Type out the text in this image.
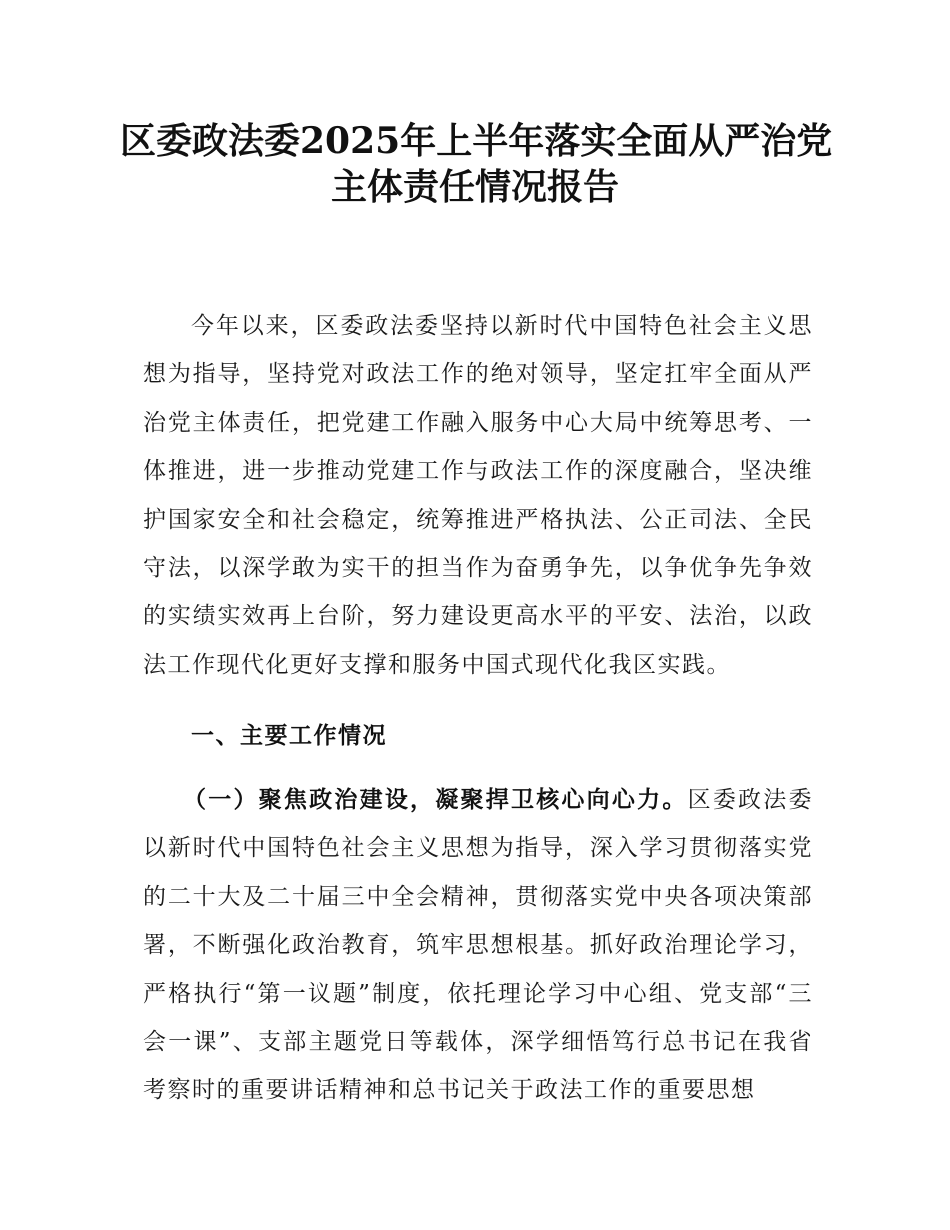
区委政法委2025年上半年落实全面从严治党
主体责任情况报告

今年以来，区委政法委坚持以新时代中国特色社会主义思想为指导，坚持党对政法工作的绝对领导，坚定扛牢全面从严治党主体责任，把党建工作融入服务中心大局中统筹思考、一体推进，进一步推动党建工作与政法工作的深度融合，坚决维护国家安全和社会稳定，统筹推进严格执法、公正司法、全民守法，以深学敢为实干的担当作为奋勇争先，以争优争先争效的实绩实效再上台阶，努力建设更高水平的平安、法治，以政法工作现代化更好支撑和服务中国式现代化我区实践。

一、主要工作情况

（一）聚焦政治建设，凝聚捍卫核心向心力。区委政法委以新时代中国特色社会主义思想为指导，深入学习贯彻落实党的二十大及二十届三中全会精神，贯彻落实党中央各项决策部署，不断强化政治教育，筑牢思想根基。抓好政治理论学习，严格执行“第一议题”制度，依托理论学习中心组、党支部“三会一课”、支部主题党日等载体，深学细悟笃行总书记在我省考察时的重要讲话精神和总书记关于政法工作的重要思想
